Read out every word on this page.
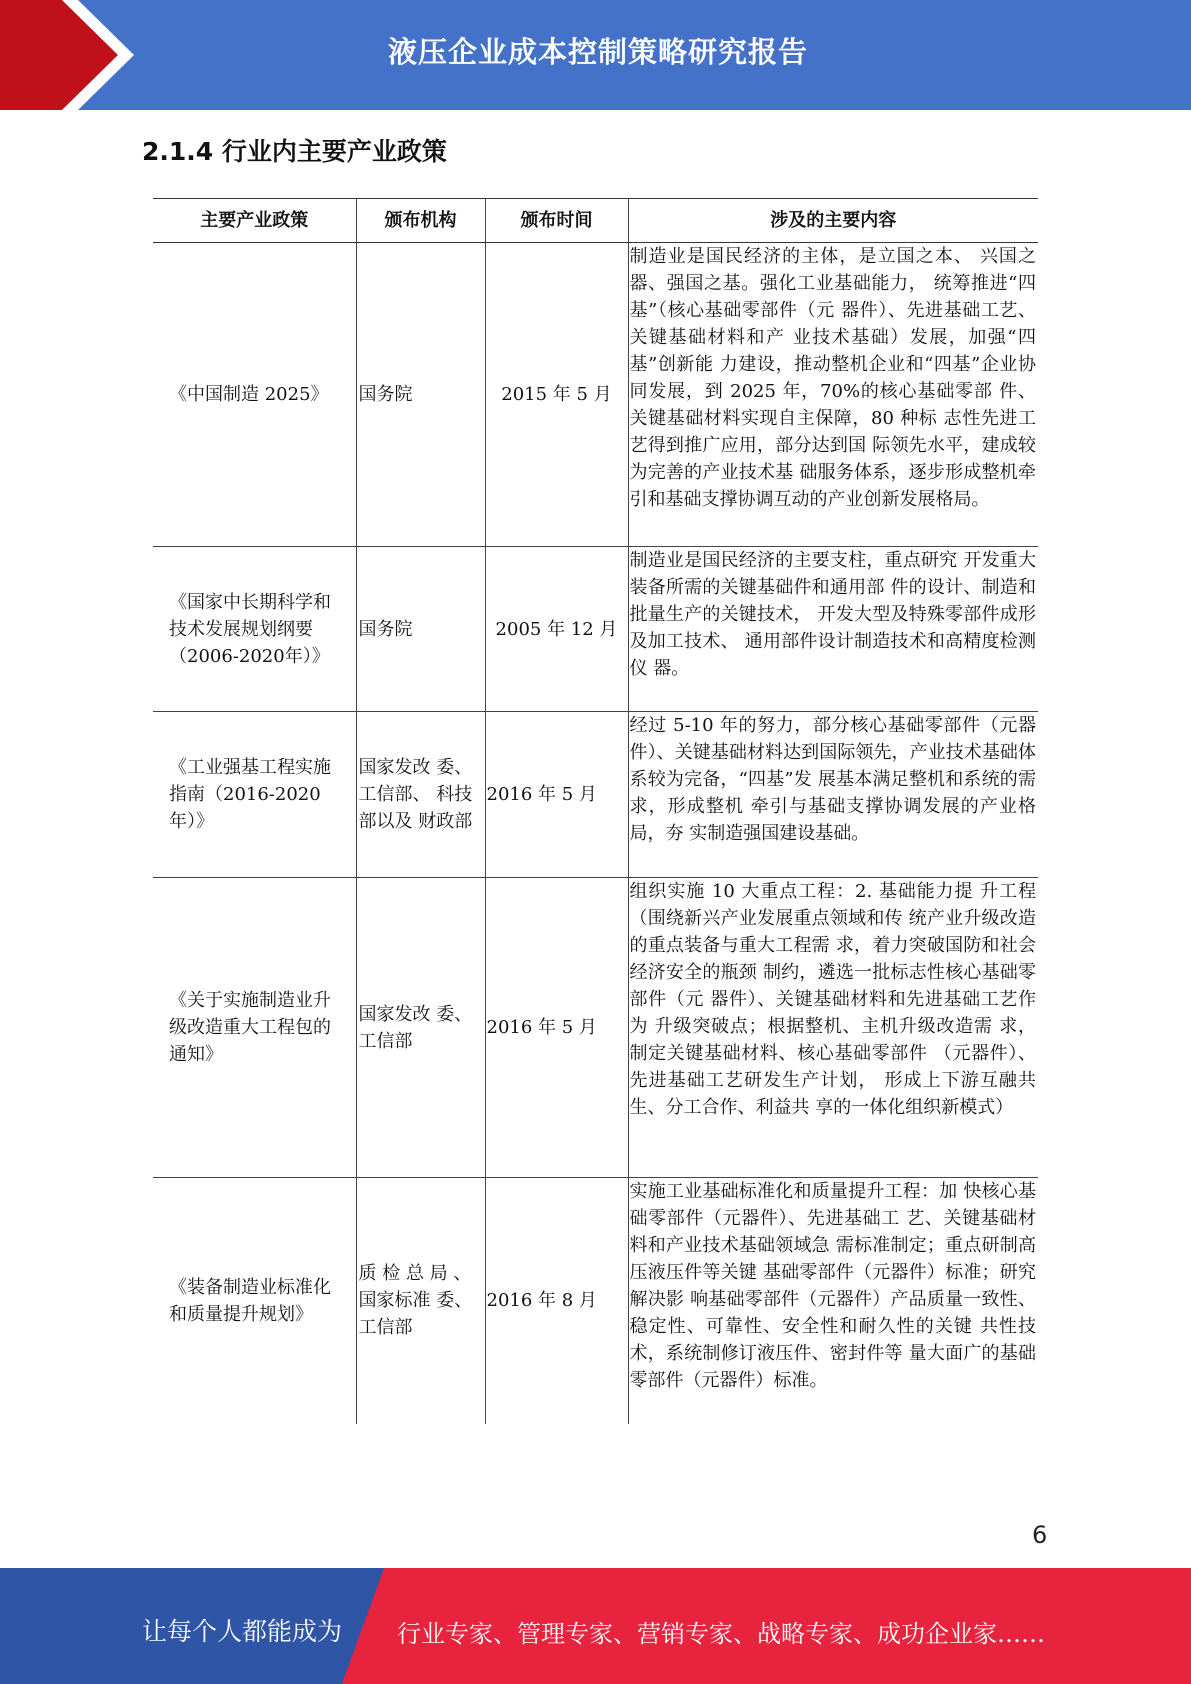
液压企业成本控制策略研究报告
2.1.4 行业内主要产业政策
主要产业政策	颁布机构	颁布时间	涉及的主要内容
《中国制造 2025》	国务院	2015 年 5 月	制造业是国民经济的主体，是立国之本、 兴国之器、强国之基。强化工业基础能力， 统筹推进“四基”（核心基础零部件（元 器件）、先进基础工艺、关键基础材料和产 业技术基础）发展，加强“四基”创新能 力建设，推动整机企业和“四基”企业协 同发展，到 2025 年，70%的核心基础零部 件、关键基础材料实现自主保障，80 种标 志性先进工艺得到推广应用，部分达到国 际领先水平，建成较为完善的产业技术基 础服务体系，逐步形成整机牵引和基础支撑协调互动的产业创新发展格局。
《国家中长期科学和技术发展规划纲要（2006-2020年）》	国务院	2005 年 12 月	制造业是国民经济的主要支柱，重点研究 开发重大装备所需的关键基础件和通用部 件的设计、制造和批量生产的关键技术， 开发大型及特殊零部件成形及加工技术、 通用部件设计制造技术和高精度检测仪 器。
《工业强基工程实施指南（2016-2020年）》	国家发改 委、工信部、 科技部以及 财政部	2016 年 5 月	经过 5-10 年的努力，部分核心基础零部件（元器件）、关键基础材料达到国际领先，产业技术基础体系较为完备，“四基”发 展基本满足整机和系统的需求，形成整机 牵引与基础支撑协调发展的产业格局，夯 实制造强国建设基础。
《关于实施制造业升级改造重大工程包的通知》	国家发改 委、工信部	2016 年 5 月	组织实施 10 大重点工程：2. 基础能力提 升工程（围绕新兴产业发展重点领域和传 统产业升级改造的重点装备与重大工程需 求，着力突破国防和社会经济安全的瓶颈 制约，遴选一批标志性核心基础零部件（元 器件）、关键基础材料和先进基础工艺作为 升级突破点；根据整机、主机升级改造需 求，制定关键基础材料、核心基础零部件 （元器件）、先进基础工艺研发生产计划， 形成上下游互融共生、分工合作、利益共 享的一体化组织新模式）
《装备制造业标准化和质量提升规划》	质 检 总 局 、国家标准 委、工信部	2016 年 8 月	实施工业基础标准化和质量提升工程：加 快核心基础零部件（元器件）、先进基础工 艺、关键基础材料和产业技术基础领域急 需标准制定；重点研制高压液压件等关键 基础零部件（元器件）标准；研究解决影 响基础零部件（元器件）产品质量一致性、 稳定性、可靠性、安全性和耐久性的关键 共性技术，系统制修订液压件、密封件等 量大面广的基础零部件（元器件）标准。
6
让每个人都能成为 行业专家、管理专家、营销专家、战略专家、成功企业家……
